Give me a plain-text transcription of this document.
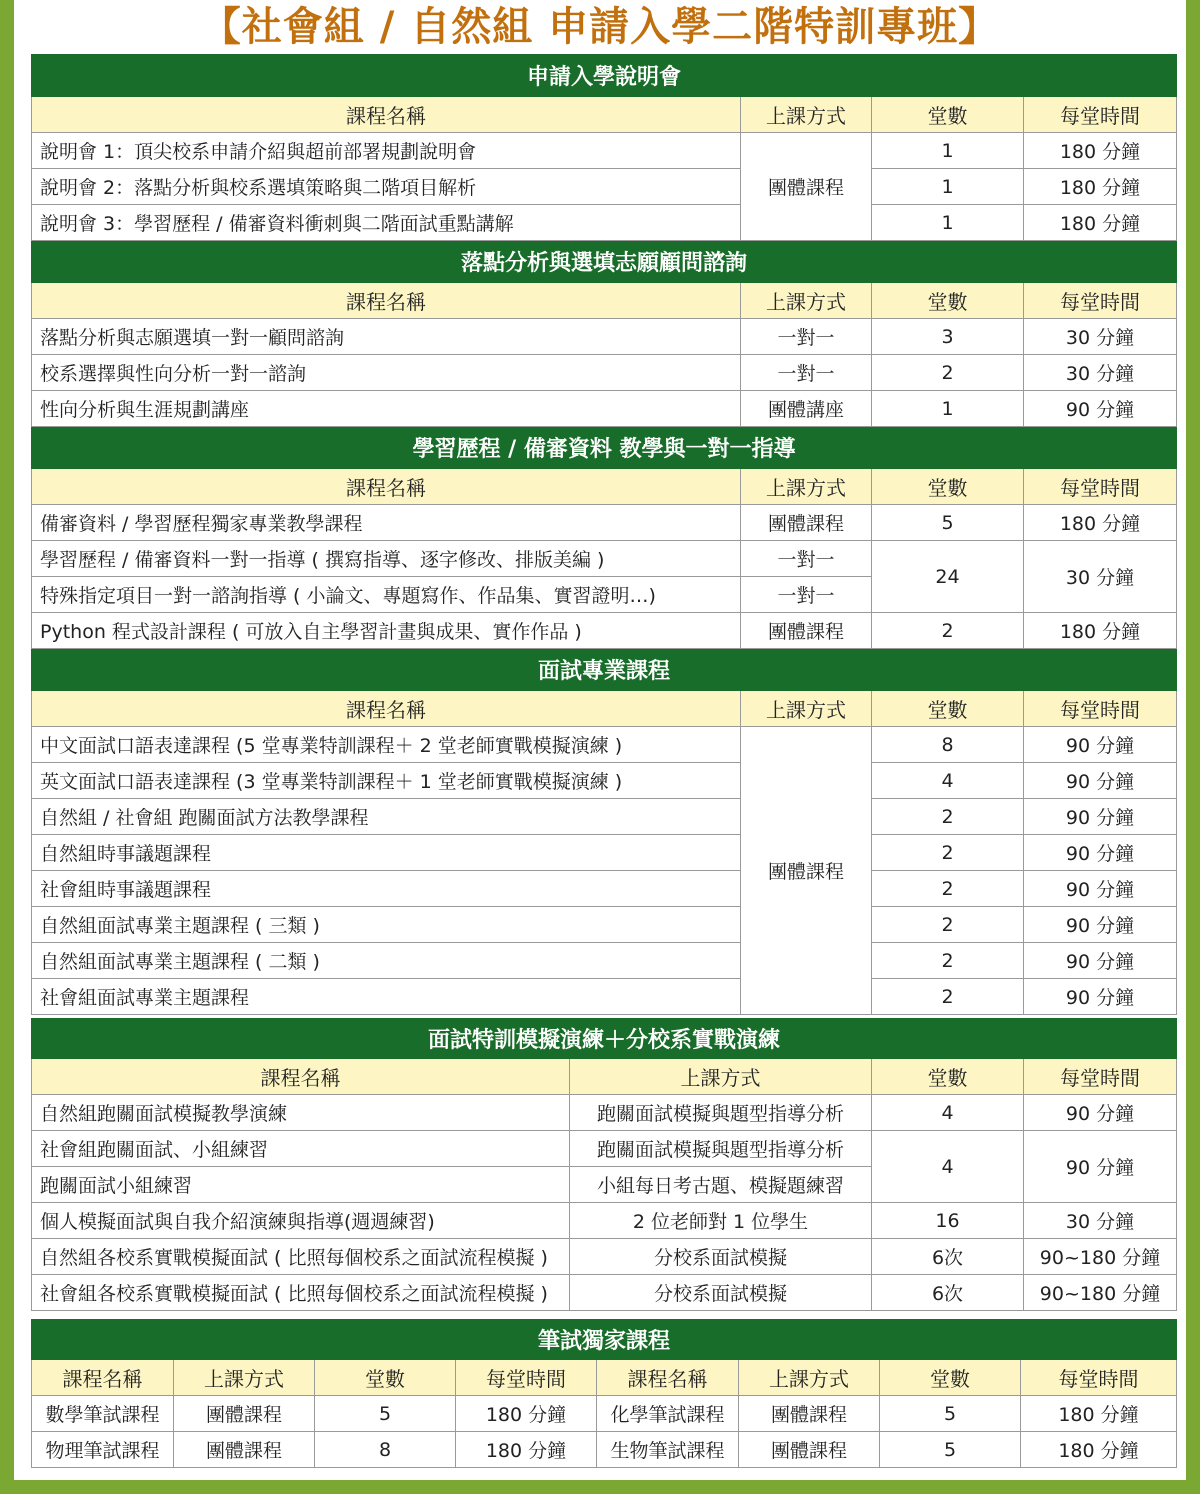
【社會組 / 自然組 申請入學二階特訓專班】
申請入學說明會			
課程名稱	上課方式	堂數	每堂時間
說明會 1：頂尖校系申請介紹與超前部署規劃說明會	團體課程	1	180 分鐘
說明會 2：落點分析與校系選填策略與二階項目解析		1	180 分鐘
說明會 3：學習歷程 / 備審資料衝刺與二階面試重點講解		1	180 分鐘
落點分析與選填志願顧問諮詢			
課程名稱	上課方式	堂數	每堂時間
落點分析與志願選填一對一顧問諮詢	一對一	3	30 分鐘
校系選擇與性向分析一對一諮詢	一對一	2	30 分鐘
性向分析與生涯規劃講座	團體講座	1	90 分鐘
學習歷程 / 備審資料 教學與一對一指導			
課程名稱	上課方式	堂數	每堂時間
備審資料 / 學習歷程獨家專業教學課程	團體課程	5	180 分鐘
學習歷程 / 備審資料一對一指導 ( 撰寫指導、逐字修改、排版美編 )	一對一	24	30 分鐘
特殊指定項目一對一諮詢指導 ( 小論文、專題寫作、作品集、實習證明…)	一對一		
Python 程式設計課程 ( 可放入自主學習計畫與成果、實作作品 )	團體課程	2	180 分鐘
面試專業課程			
課程名稱	上課方式	堂數	每堂時間
中文面試口語表達課程 (5 堂專業特訓課程＋ 2 堂老師實戰模擬演練 )	團體課程	8	90 分鐘
英文面試口語表達課程 (3 堂專業特訓課程＋ 1 堂老師實戰模擬演練 )		4	90 分鐘
自然組 / 社會組 跑關面試方法教學課程		2	90 分鐘
自然組時事議題課程		2	90 分鐘
社會組時事議題課程		2	90 分鐘
自然組面試專業主題課程 ( 三類 )		2	90 分鐘
自然組面試專業主題課程 ( 二類 )		2	90 分鐘
社會組面試專業主題課程		2	90 分鐘
面試特訓模擬演練＋分校系實戰演練			
課程名稱	上課方式	堂數	每堂時間
自然組跑關面試模擬教學演練	跑關面試模擬與題型指導分析	4	90 分鐘
社會組跑關面試、小組練習	跑關面試模擬與題型指導分析	4	90 分鐘
跑關面試小組練習	小組每日考古題、模擬題練習		
個人模擬面試與自我介紹演練與指導(週週練習)	2 位老師對 1 位學生	16	30 分鐘
自然組各校系實戰模擬面試 ( 比照每個校系之面試流程模擬 )	分校系面試模擬	6次	90~180 分鐘
社會組各校系實戰模擬面試 ( 比照每個校系之面試流程模擬 )	分校系面試模擬	6次	90~180 分鐘
筆試獨家課程							
課程名稱	上課方式	堂數	每堂時間	課程名稱	上課方式	堂數	每堂時間
數學筆試課程	團體課程	5	180 分鐘	化學筆試課程	團體課程	5	180 分鐘
物理筆試課程	團體課程	8	180 分鐘	生物筆試課程	團體課程	5	180 分鐘
